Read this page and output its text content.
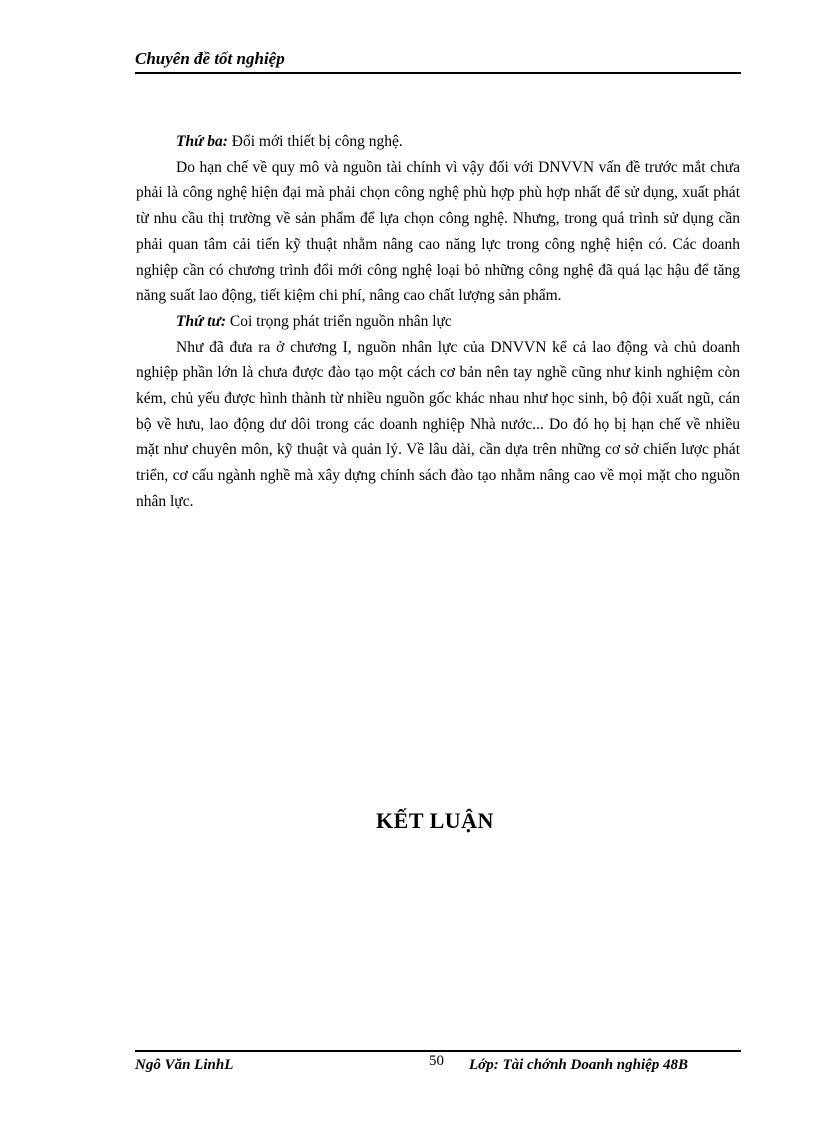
Chuyên đề tốt nghiệp

Thứ ba: Đổi mới thiết bị công nghệ.

Do hạn chế về quy mô và nguồn tài chính vì vậy đối với DNVVN vấn đề trước mắt chưa phải là công nghệ hiện đại mà phải chọn công nghệ phù hợp phù hợp nhất để sử dụng, xuất phát từ nhu cầu thị trường về sản phẩm để lựa chọn công nghệ. Nhưng, trong quá trình sử dụng cần phải quan tâm cải tiến kỹ thuật nhằm nâng cao năng lực trong công nghệ hiện có. Các doanh nghiệp cần có chương trình đổi mới công nghệ loại bỏ những công nghệ đã quá lạc hậu để tăng năng suất lao động, tiết kiệm chi phí, nâng cao chất lượng sản phẩm.

Thứ tư: Coi trọng phát triển nguồn nhân lực

Như đã đưa ra ở chương I, nguồn nhân lực của DNVVN kể cả lao động và chủ doanh nghiệp phần lớn là chưa được đào tạo một cách cơ bản nên tay nghề cũng như kinh nghiệm còn kém, chủ yếu được hình thành từ nhiều nguồn gốc khác nhau như học sinh, bộ đội xuất ngũ, cán bộ về hưu, lao động dư dôi trong các doanh nghiệp Nhà nước... Do đó họ bị hạn chế về nhiều mặt như chuyên môn, kỹ thuật và quản lý. Về lâu dài, cần dựa trên những cơ sở chiến lược phát triển, cơ cấu ngành nghề mà xây dựng chính sách đào tạo nhằm nâng cao về mọi mặt cho nguồn nhân lực.

KẾT LUẬN
Ngô Văn LinhL	50 Lớp: Tài chớnh Doanh nghiệp 48B
